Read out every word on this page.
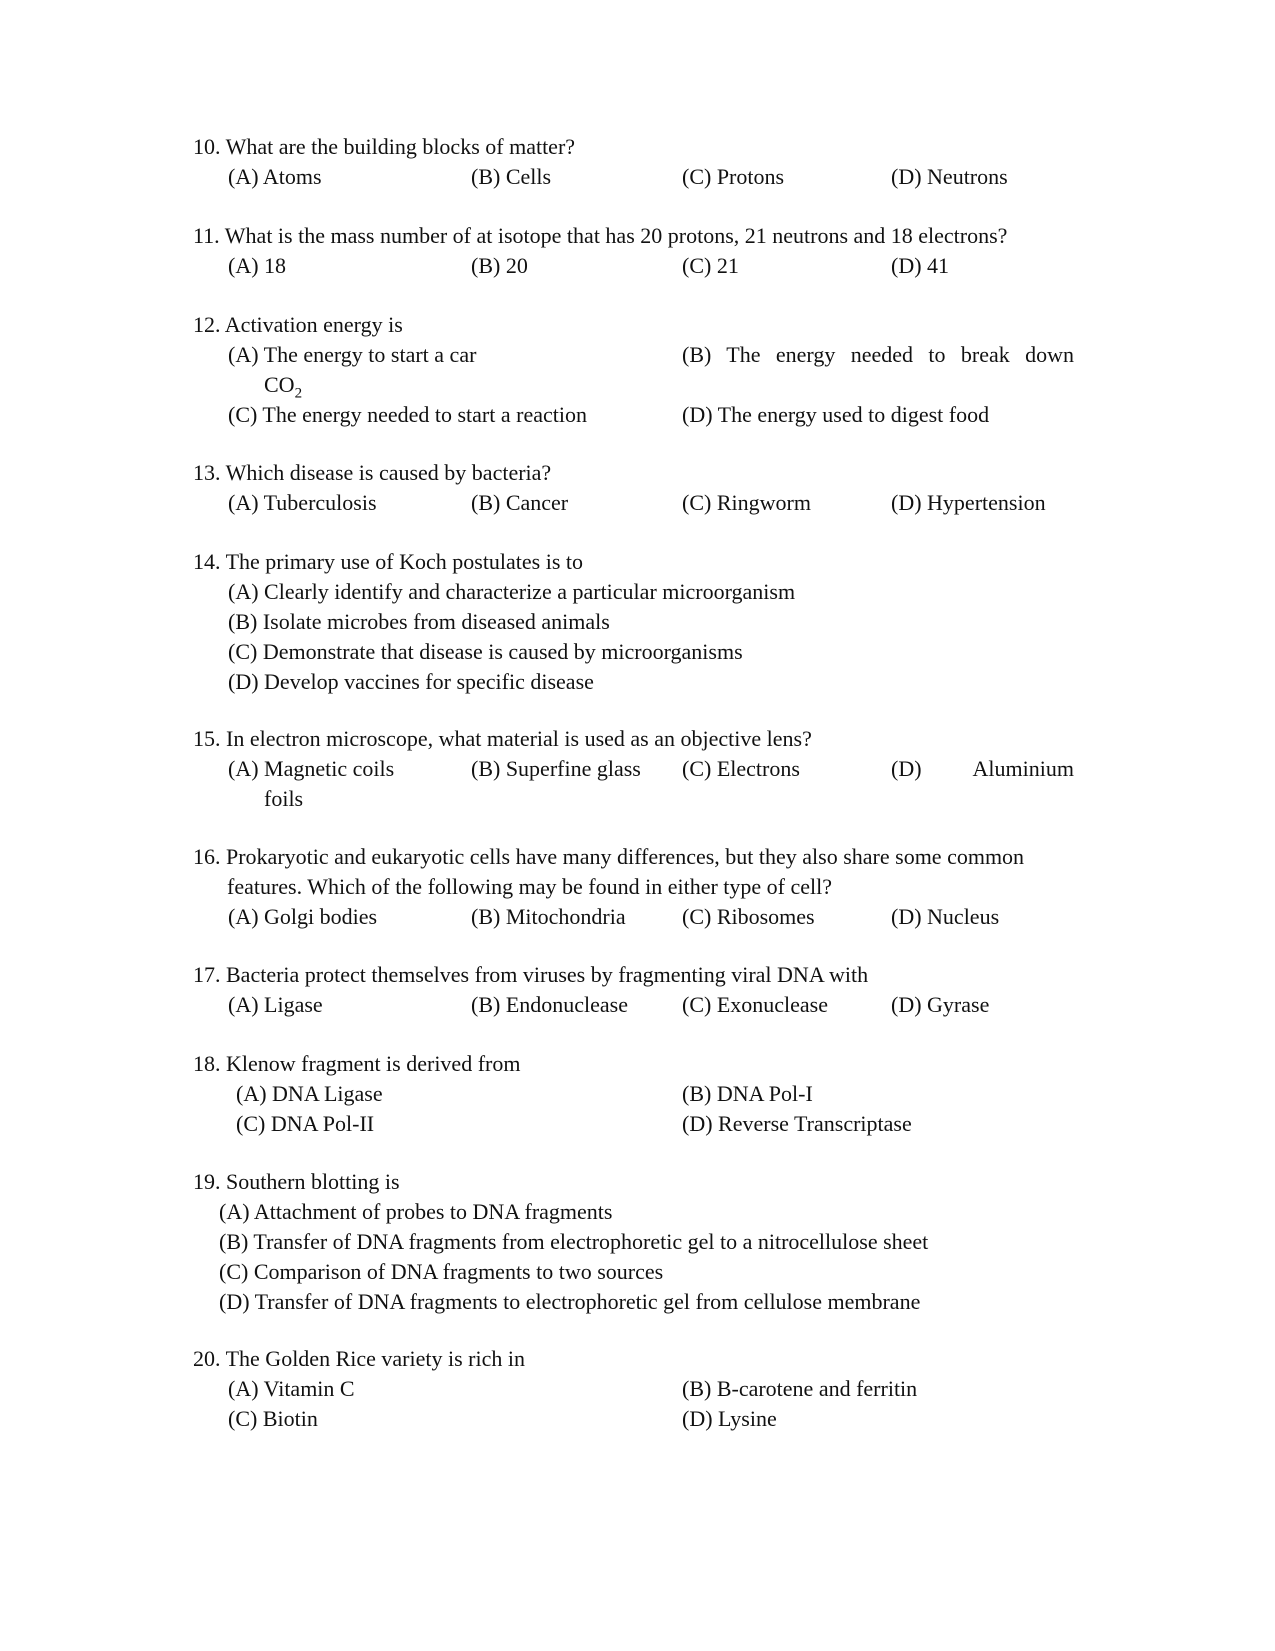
10. What are the building blocks of matter?
(A) Atoms	(B) Cells	(C) Protons	(D) Neutrons
11. What is the mass number of at isotope that has 20 protons, 21 neutrons and 18 electrons?
(A) 18	(B) 20	(C) 21	(D) 41
12. Activation energy is
(A) The energy to start a car	(B) The energy needed to break down
$CO_2$
(C) The energy needed to start a reaction	(D) The energy used to digest food
13. Which disease is caused by bacteria?
(A) Tuberculosis	(B) Cancer	(C) Ringworm	(D) Hypertension
14. The primary use of Koch postulates is to
(A) Clearly identify and characterize a particular microorganism
(B) Isolate microbes from diseased animals
(C) Demonstrate that disease is caused by microorganisms
(D) Develop vaccines for specific disease
15. In electron microscope, what material is used as an objective lens?
(A) Magnetic coils	(B) Superfine glass (C) Electrons	(D) Aluminium
foils
16. Prokaryotic and eukaryotic cells have many differences, but they also share some common features. Which of the following may be found in either type of cell?
(A) Golgi bodies	(B) Mitochondria	(C) Ribosomes	(D) Nucleus
17. Bacteria protect themselves from viruses by fragmenting viral DNA with
(A) Ligase	(B) Endonuclease (C) Exonuclease	(D) Gyrase
18. Klenow fragment is derived from
(A) DNA Ligase	(B) DNA Pol-I
(C) DNA Pol-II	(D) Reverse Transcriptase
19. Southern blotting is
(A) Attachment of probes to DNA fragments
(B) Transfer of DNA fragments from electrophoretic gel to a nitrocellulose sheet
(C) Comparison of DNA fragments to two sources
(D) Transfer of DNA fragments to electrophoretic gel from cellulose membrane
20. The Golden Rice variety is rich in
(A) Vitamin C	(B) B-carotene and ferritin
(C) Biotin	(D) Lysine
